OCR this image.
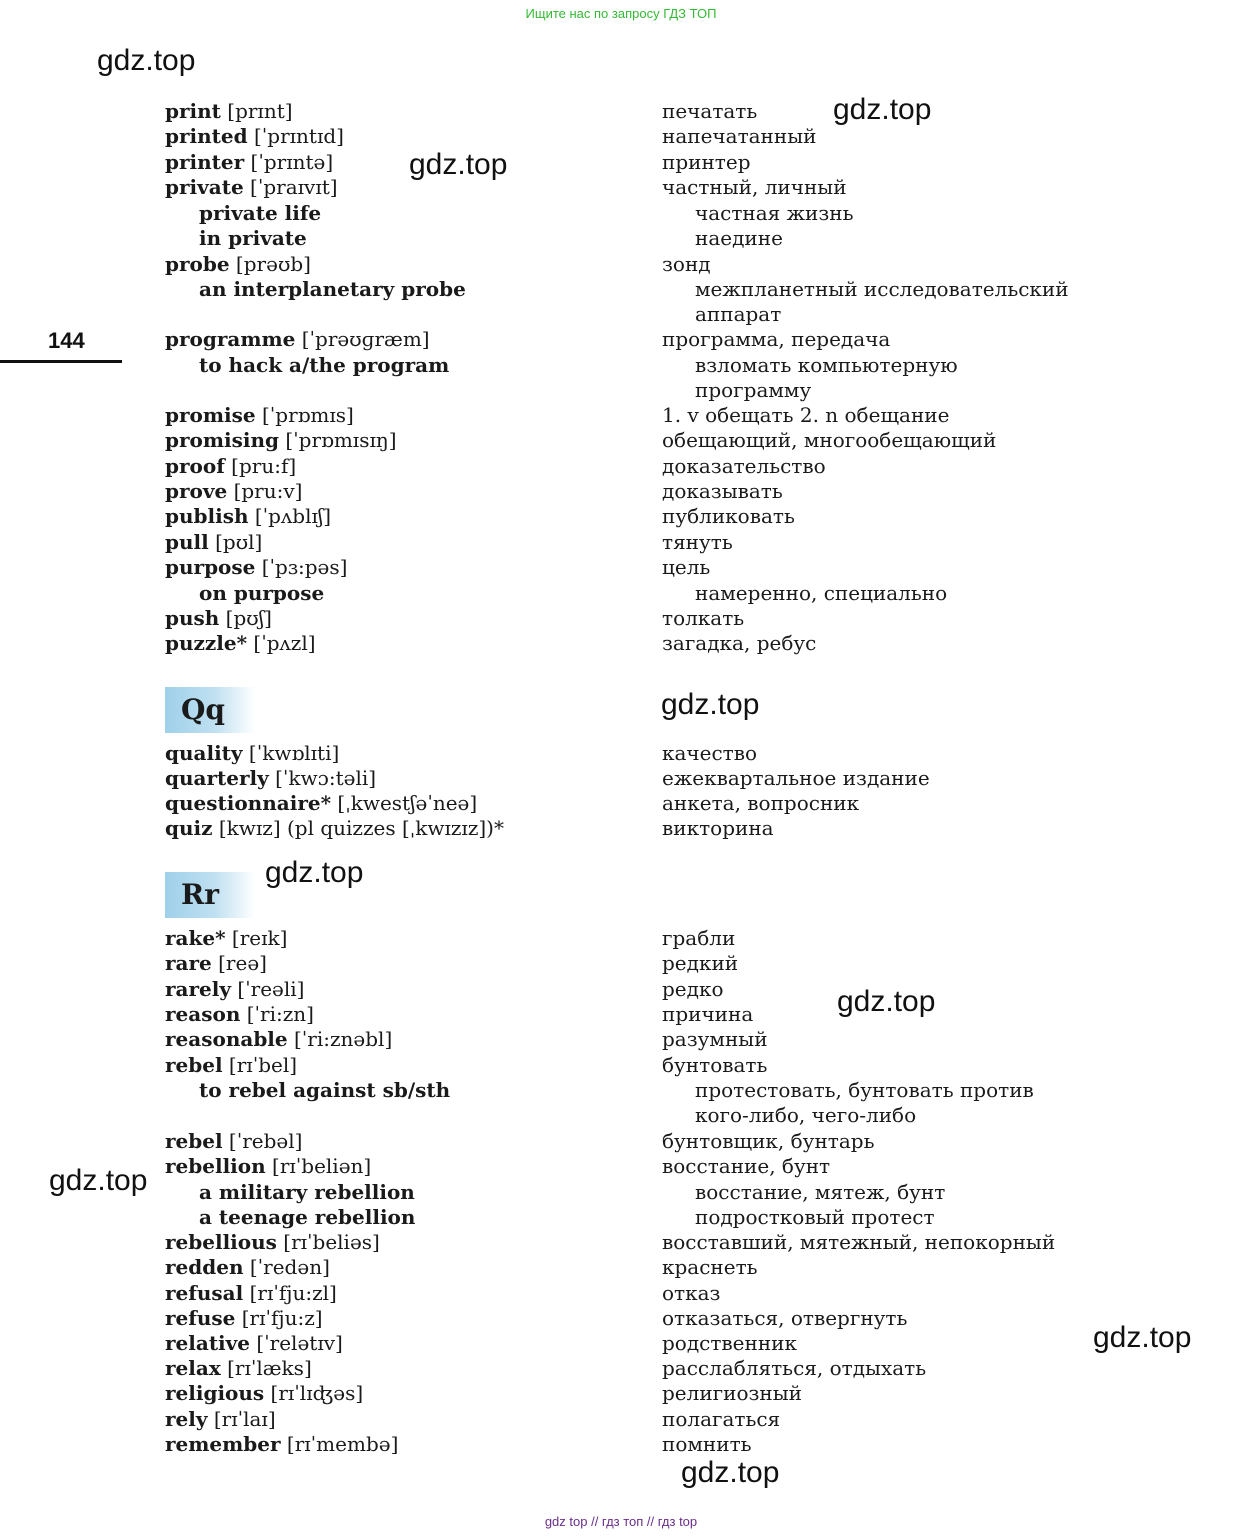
Ищите нас по запросу ГДЗ ТОП
144
Qq
Rr
print [prɪnt]	печатать
printed [ˈprɪntɪd]	напечатанный
printer [ˈprɪntə]	принтер
private [ˈpraɪvɪt]	частный, личный
private life	частная жизнь
in private	наедине
probe [prəʊb]	зонд
an interplanetary probe	межпланетный исследовательский
аппарат
programme [ˈprəʊɡræm]	программа, передача
to hack a/the program	взломать компьютерную
программу
promise [ˈprɒmɪs]	1. v обещать 2. n обещание
promising [ˈprɒmɪsɪŋ]	обещающий, многообещающий
proof [pru:f]	доказательство
prove [pru:v]	доказывать
publish [ˈpʌblɪʃ]	публиковать
pull [pʊl]	тянуть
purpose [ˈpɜ:pəs]	цель
on purpose	намеренно, специально
push [pʊʃ]	толкать
puzzle* [ˈpʌzl]	загадка, ребус
quality [ˈkwɒlɪti]	качество
quarterly [ˈkwɔ:təli]	ежеквартальное издание
questionnaire* [ˌkwestʃəˈneə]	анкета, вопросник
quiz [kwɪz] (pl quizzes [ˌkwɪzɪz])*	викторина
rake* [reɪk]	грабли
rare [reə]	редкий
rarely [ˈreəli]	редко
reason [ˈri:zn]	причина
reasonable [ˈri:znəbl]	разумный
rebel [rɪˈbel]	бунтовать
to rebel against sb/sth	протестовать, бунтовать против
кого-либо, чего-либо
rebel [ˈrebəl]	бунтовщик, бунтарь
rebellion [rɪˈbeliən]	восстание, бунт
a military rebellion	восстание, мятеж, бунт
a teenage rebellion	подростковый протест
rebellious [rɪˈbeliəs]	восставший, мятежный, непокорный
redden [ˈredən]	краснеть
refusal [rɪˈfju:zl]	отказ
refuse [rɪˈfju:z]	отказаться, отвергнуть
relative [ˈrelətɪv]	родственник
relax [rɪˈlæks]	расслабляться, отдыхать
religious [rɪˈlɪʤəs]	религиозный
rely [rɪˈlaɪ]	полагаться
remember [rɪˈmembə]	помнить
gdz.top
gdz.top
gdz.top
gdz.top
gdz.top
gdz.top
gdz.top
gdz.top
gdz.top
gdz top // гдз топ // гдз top
